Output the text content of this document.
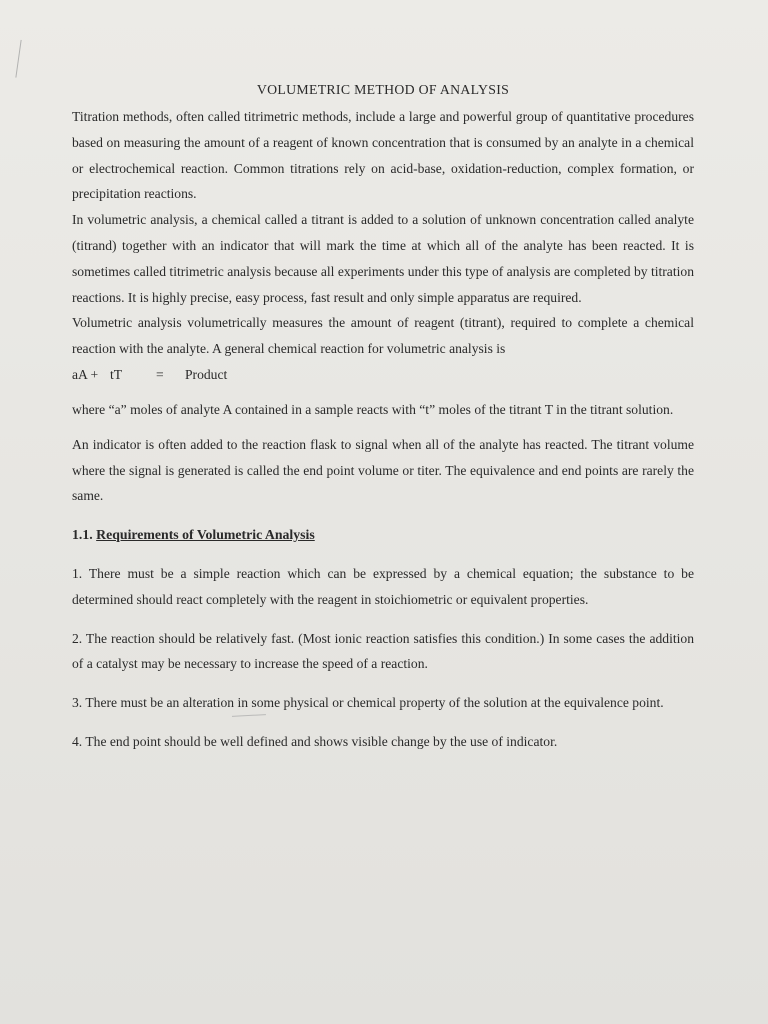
VOLUMETRIC METHOD OF ANALYSIS

Titration methods, often called titrimetric methods, include a large and powerful group of quantitative procedures based on measuring the amount of a reagent of known concentration that is consumed by an analyte in a chemical or electrochemical reaction. Common titrations rely on acid-base, oxidation-reduction, complex formation, or precipitation reactions.

In volumetric analysis, a chemical called a titrant is added to a solution of unknown concentration called analyte (titrand) together with an indicator that will mark the time at which all of the analyte has been reacted. It is sometimes called titrimetric analysis because all experiments under this type of analysis are completed by titration reactions. It is highly precise, easy process, fast result and only simple apparatus are required.

Volumetric analysis volumetrically measures the amount of reagent (titrant), required to complete a chemical reaction with the analyte. A general chemical reaction for volumetric analysis is

aA + tT	=	Product

where “a” moles of analyte A contained in a sample reacts with “t” moles of the titrant T in the titrant solution.

An indicator is often added to the reaction flask to signal when all of the analyte has reacted. The titrant volume where the signal is generated is called the end point volume or titer. The equivalence and end points are rarely the same.

1.1. Requirements of Volumetric Analysis

1. There must be a simple reaction which can be expressed by a chemical equation; the substance to be determined should react completely with the reagent in stoichiometric or equivalent properties.

2. The reaction should be relatively fast. (Most ionic reaction satisfies this condition.) In some cases the addition of a catalyst may be necessary to increase the speed of a reaction.

3. There must be an alteration in some physical or chemical property of the solution at the equivalence point.

4. The end point should be well defined and shows visible change by the use of indicator.
